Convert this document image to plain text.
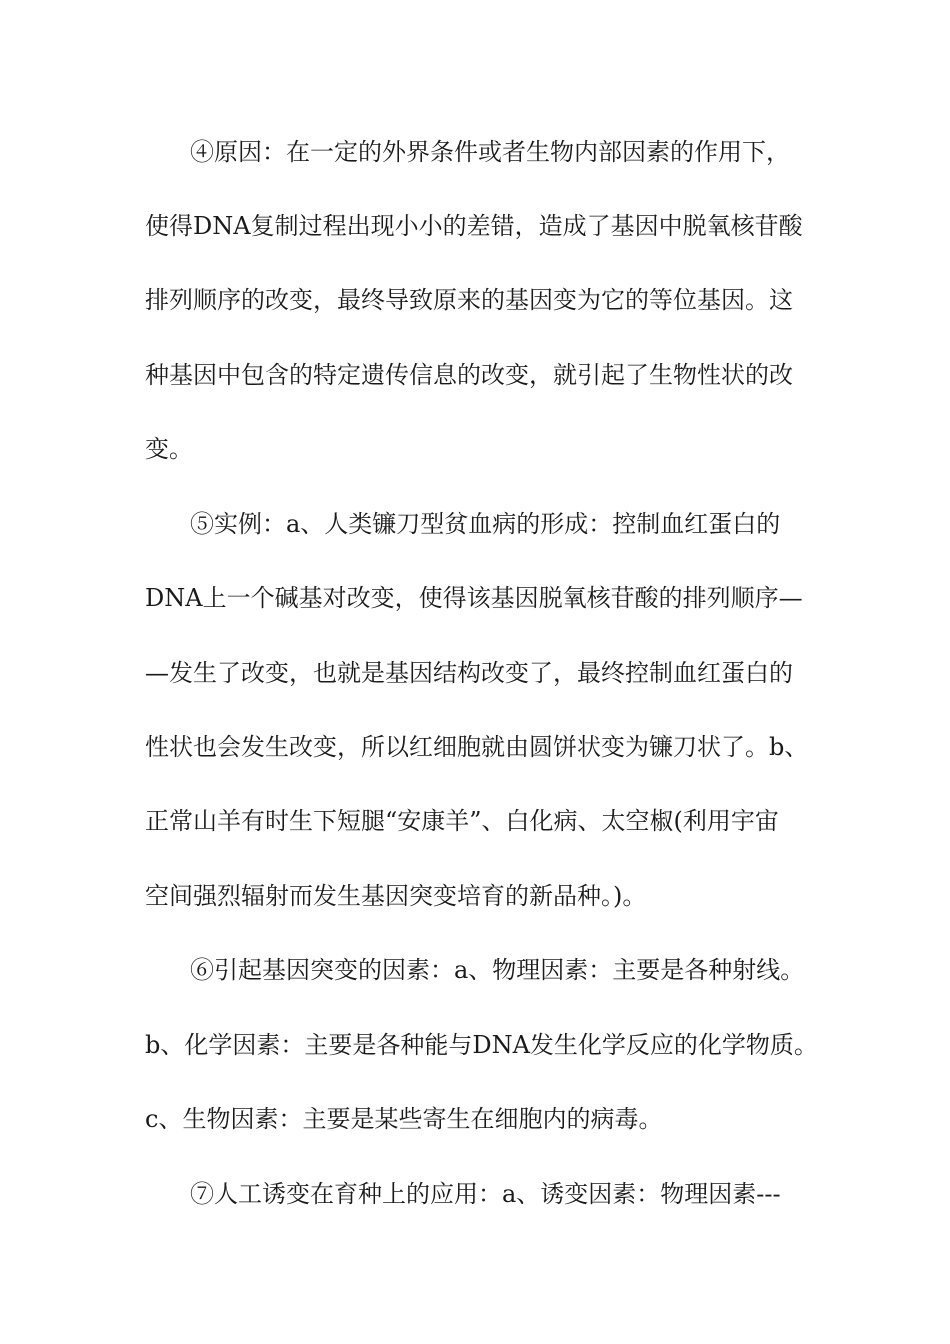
④原因：在一定的外界条件或者生物内部因素的作用下，
使得DNA复制过程出现小小的差错，造成了基因中脱氧核苷酸
排列顺序的改变，最终导致原来的基因变为它的等位基因。这
种基因中包含的特定遗传信息的改变，就引起了生物性状的改
变。
⑤实例：a、人类镰刀型贫血病的形成：控制血红蛋白的
DNA上一个碱基对改变，使得该基因脱氧核苷酸的排列顺序—
—发生了改变，也就是基因结构改变了，最终控制血红蛋白的
性状也会发生改变，所以红细胞就由圆饼状变为镰刀状了。b、
正常山羊有时生下短腿“安康羊”、白化病、太空椒(利用宇宙
空间强烈辐射而发生基因突变培育的新品种。)。
⑥引起基因突变的因素：a、物理因素：主要是各种射线。
b、化学因素：主要是各种能与DNA发生化学反应的化学物质。
c、生物因素：主要是某些寄生在细胞内的病毒。
⑦人工诱变在育种上的应用：a、诱变因素：物理因素---
